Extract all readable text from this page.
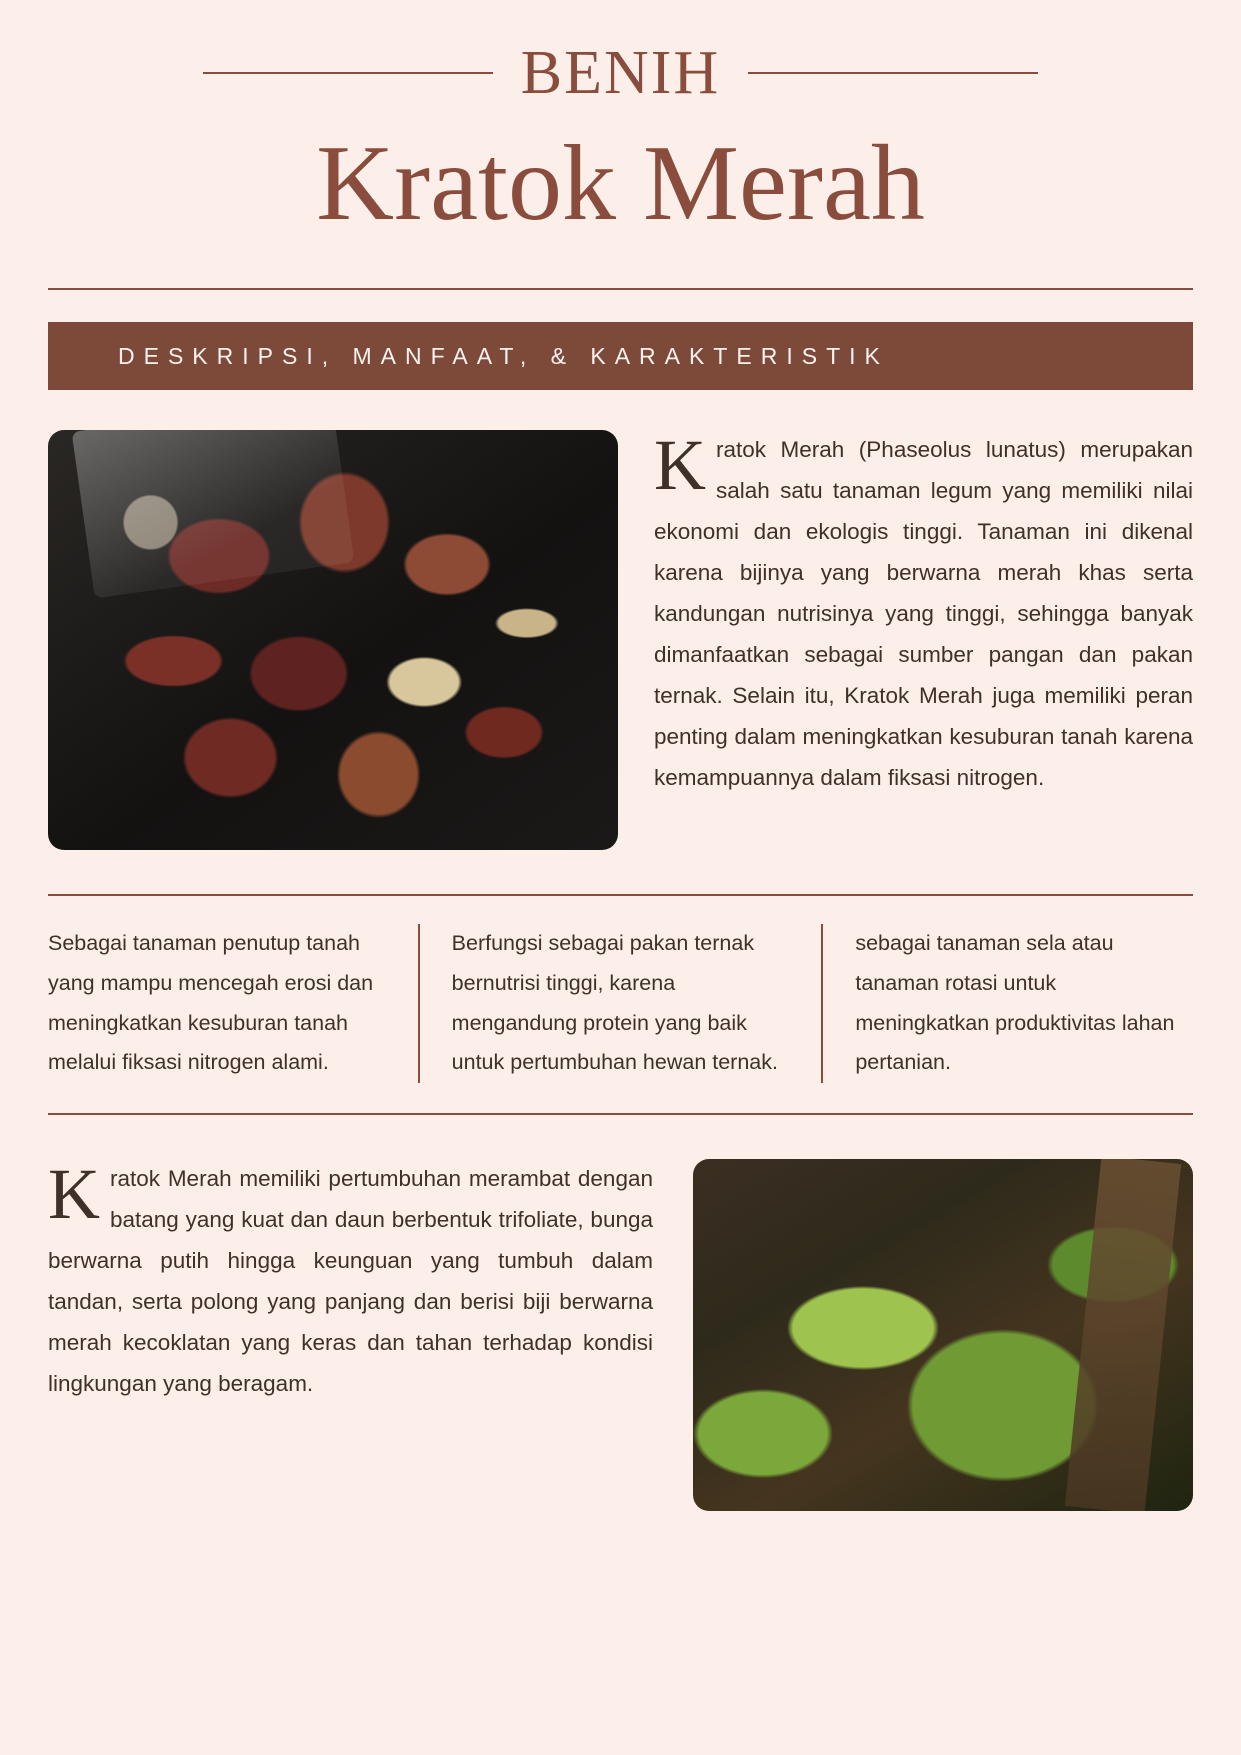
BENIH
Kratok Merah
DESKRIPSI, MANFAAT, & KARAKTERISTIK
Kratok Merah (Phaseolus lunatus) merupakan salah satu tanaman legum yang memiliki nilai ekonomi dan ekologis tinggi. Tanaman ini dikenal karena bijinya yang berwarna merah khas serta kandungan nutrisinya yang tinggi, sehingga banyak dimanfaatkan sebagai sumber pangan dan pakan ternak. Selain itu, Kratok Merah juga memiliki peran penting dalam meningkatkan kesuburan tanah karena kemampuannya dalam fiksasi nitrogen.
Sebagai tanaman penutup tanah yang mampu mencegah erosi dan meningkatkan kesuburan tanah melalui fiksasi nitrogen alami.
Berfungsi sebagai pakan ternak bernutrisi tinggi, karena mengandung protein yang baik untuk pertumbuhan hewan ternak.
sebagai tanaman sela atau tanaman rotasi untuk meningkatkan produktivitas lahan pertanian.
Kratok Merah memiliki pertumbuhan merambat dengan batang yang kuat dan daun berbentuk trifoliate, bunga berwarna putih hingga keunguan yang tumbuh dalam tandan, serta polong yang panjang dan berisi biji berwarna merah kecoklatan yang keras dan tahan terhadap kondisi lingkungan yang beragam.
